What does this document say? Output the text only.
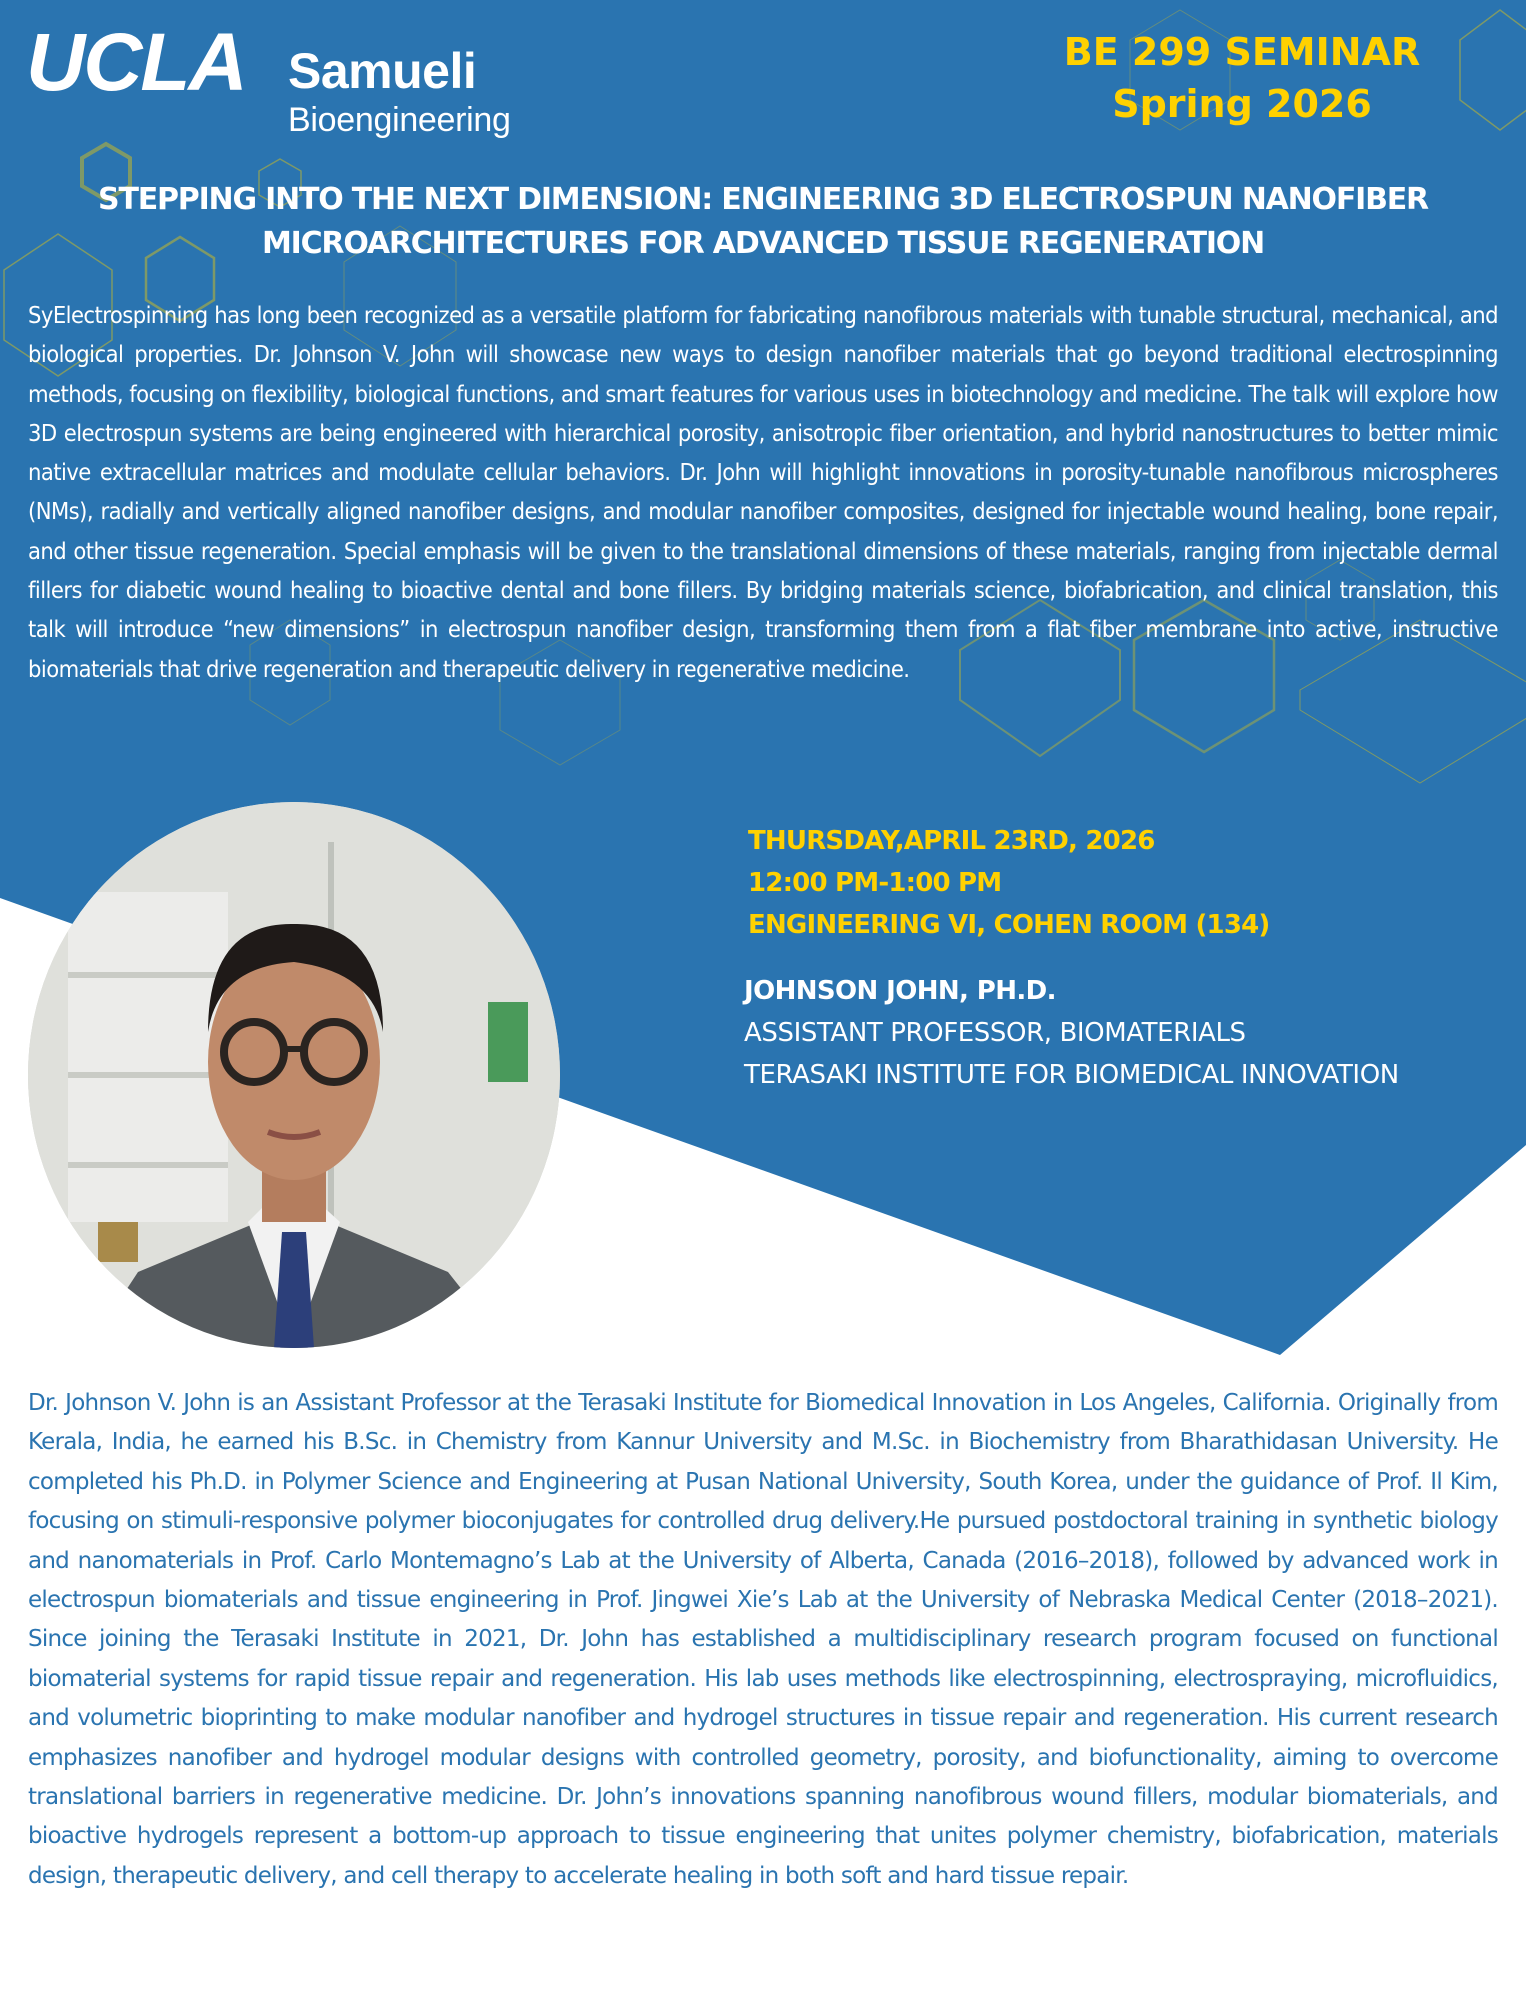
UCLA Samueli
Bioengineering
BE 299 SEMINAR
Spring 2026
STEPPING INTO THE NEXT DIMENSION: ENGINEERING 3D ELECTROSPUN NANOFIBER
MICROARCHITECTURES FOR ADVANCED TISSUE REGENERATION

SyElectrospinning has long been recognized as a versatile platform for fabricating nanofibrous materials with tunable structural, mechanical, and biological properties. Dr. Johnson V. John will showcase new ways to design nanofiber materials that go beyond traditional electrospinning methods, focusing on flexibility, biological functions, and smart features for various uses in biotechnology and medicine. The talk will explore how 3D electrospun systems are being engineered with hierarchical porosity, anisotropic fiber orientation, and hybrid nanostructures to better mimic native extracellular matrices and modulate cellular behaviors. Dr. John will highlight innovations in porosity-tunable nanofibrous microspheres (NMs), radially and vertically aligned nanofiber designs, and modular nanofiber composites, designed for injectable wound healing, bone repair, and other tissue regeneration. Special emphasis will be given to the translational dimensions of these materials, ranging from injectable dermal fillers for diabetic wound healing to bioactive dental and bone fillers. By bridging materials science, biofabrication, and clinical translation, this talk will introduce “new dimensions” in electrospun nanofiber design, transforming them from a flat fiber membrane into active, instructive biomaterials that drive regeneration and therapeutic delivery in regenerative medicine.

THURSDAY,APRIL 23RD, 2026
12:00 PM-1:00 PM
ENGINEERING VI, COHEN ROOM (134)
JOHNSON JOHN, PH.D.
ASSISTANT PROFESSOR, BIOMATERIALS
TERASAKI INSTITUTE FOR BIOMEDICAL INNOVATION

Dr. Johnson V. John is an Assistant Professor at the Terasaki Institute for Biomedical Innovation in Los Angeles, California. Originally from Kerala, India, he earned his B.Sc. in Chemistry from Kannur University and M.Sc. in Biochemistry from Bharathidasan University. He completed his Ph.D. in Polymer Science and Engineering at Pusan National University, South Korea, under the guidance of Prof. Il Kim, focusing on stimuli-responsive polymer bioconjugates for controlled drug delivery.He pursued postdoctoral training in synthetic biology and nanomaterials in Prof. Carlo Montemagno’s Lab at the University of Alberta, Canada (2016–2018), followed by advanced work in electrospun biomaterials and tissue engineering in Prof. Jingwei Xie’s Lab at the University of Nebraska Medical Center (2018–2021). Since joining the Terasaki Institute in 2021, Dr. John has established a multidisciplinary research program focused on functional biomaterial systems for rapid tissue repair and regeneration. His lab uses methods like electrospinning, electrospraying, microfluidics, and volumetric bioprinting to make modular nanofiber and hydrogel structures in tissue repair and regeneration. His current research emphasizes nanofiber and hydrogel modular designs with controlled geometry, porosity, and biofunctionality, aiming to overcome translational barriers in regenerative medicine. Dr. John’s innovations spanning nanofibrous wound fillers, modular biomaterials, and bioactive hydrogels represent a bottom-up approach to tissue engineering that unites polymer chemistry, biofabrication, materials design, therapeutic delivery, and cell therapy to accelerate healing in both soft and hard tissue repair.
